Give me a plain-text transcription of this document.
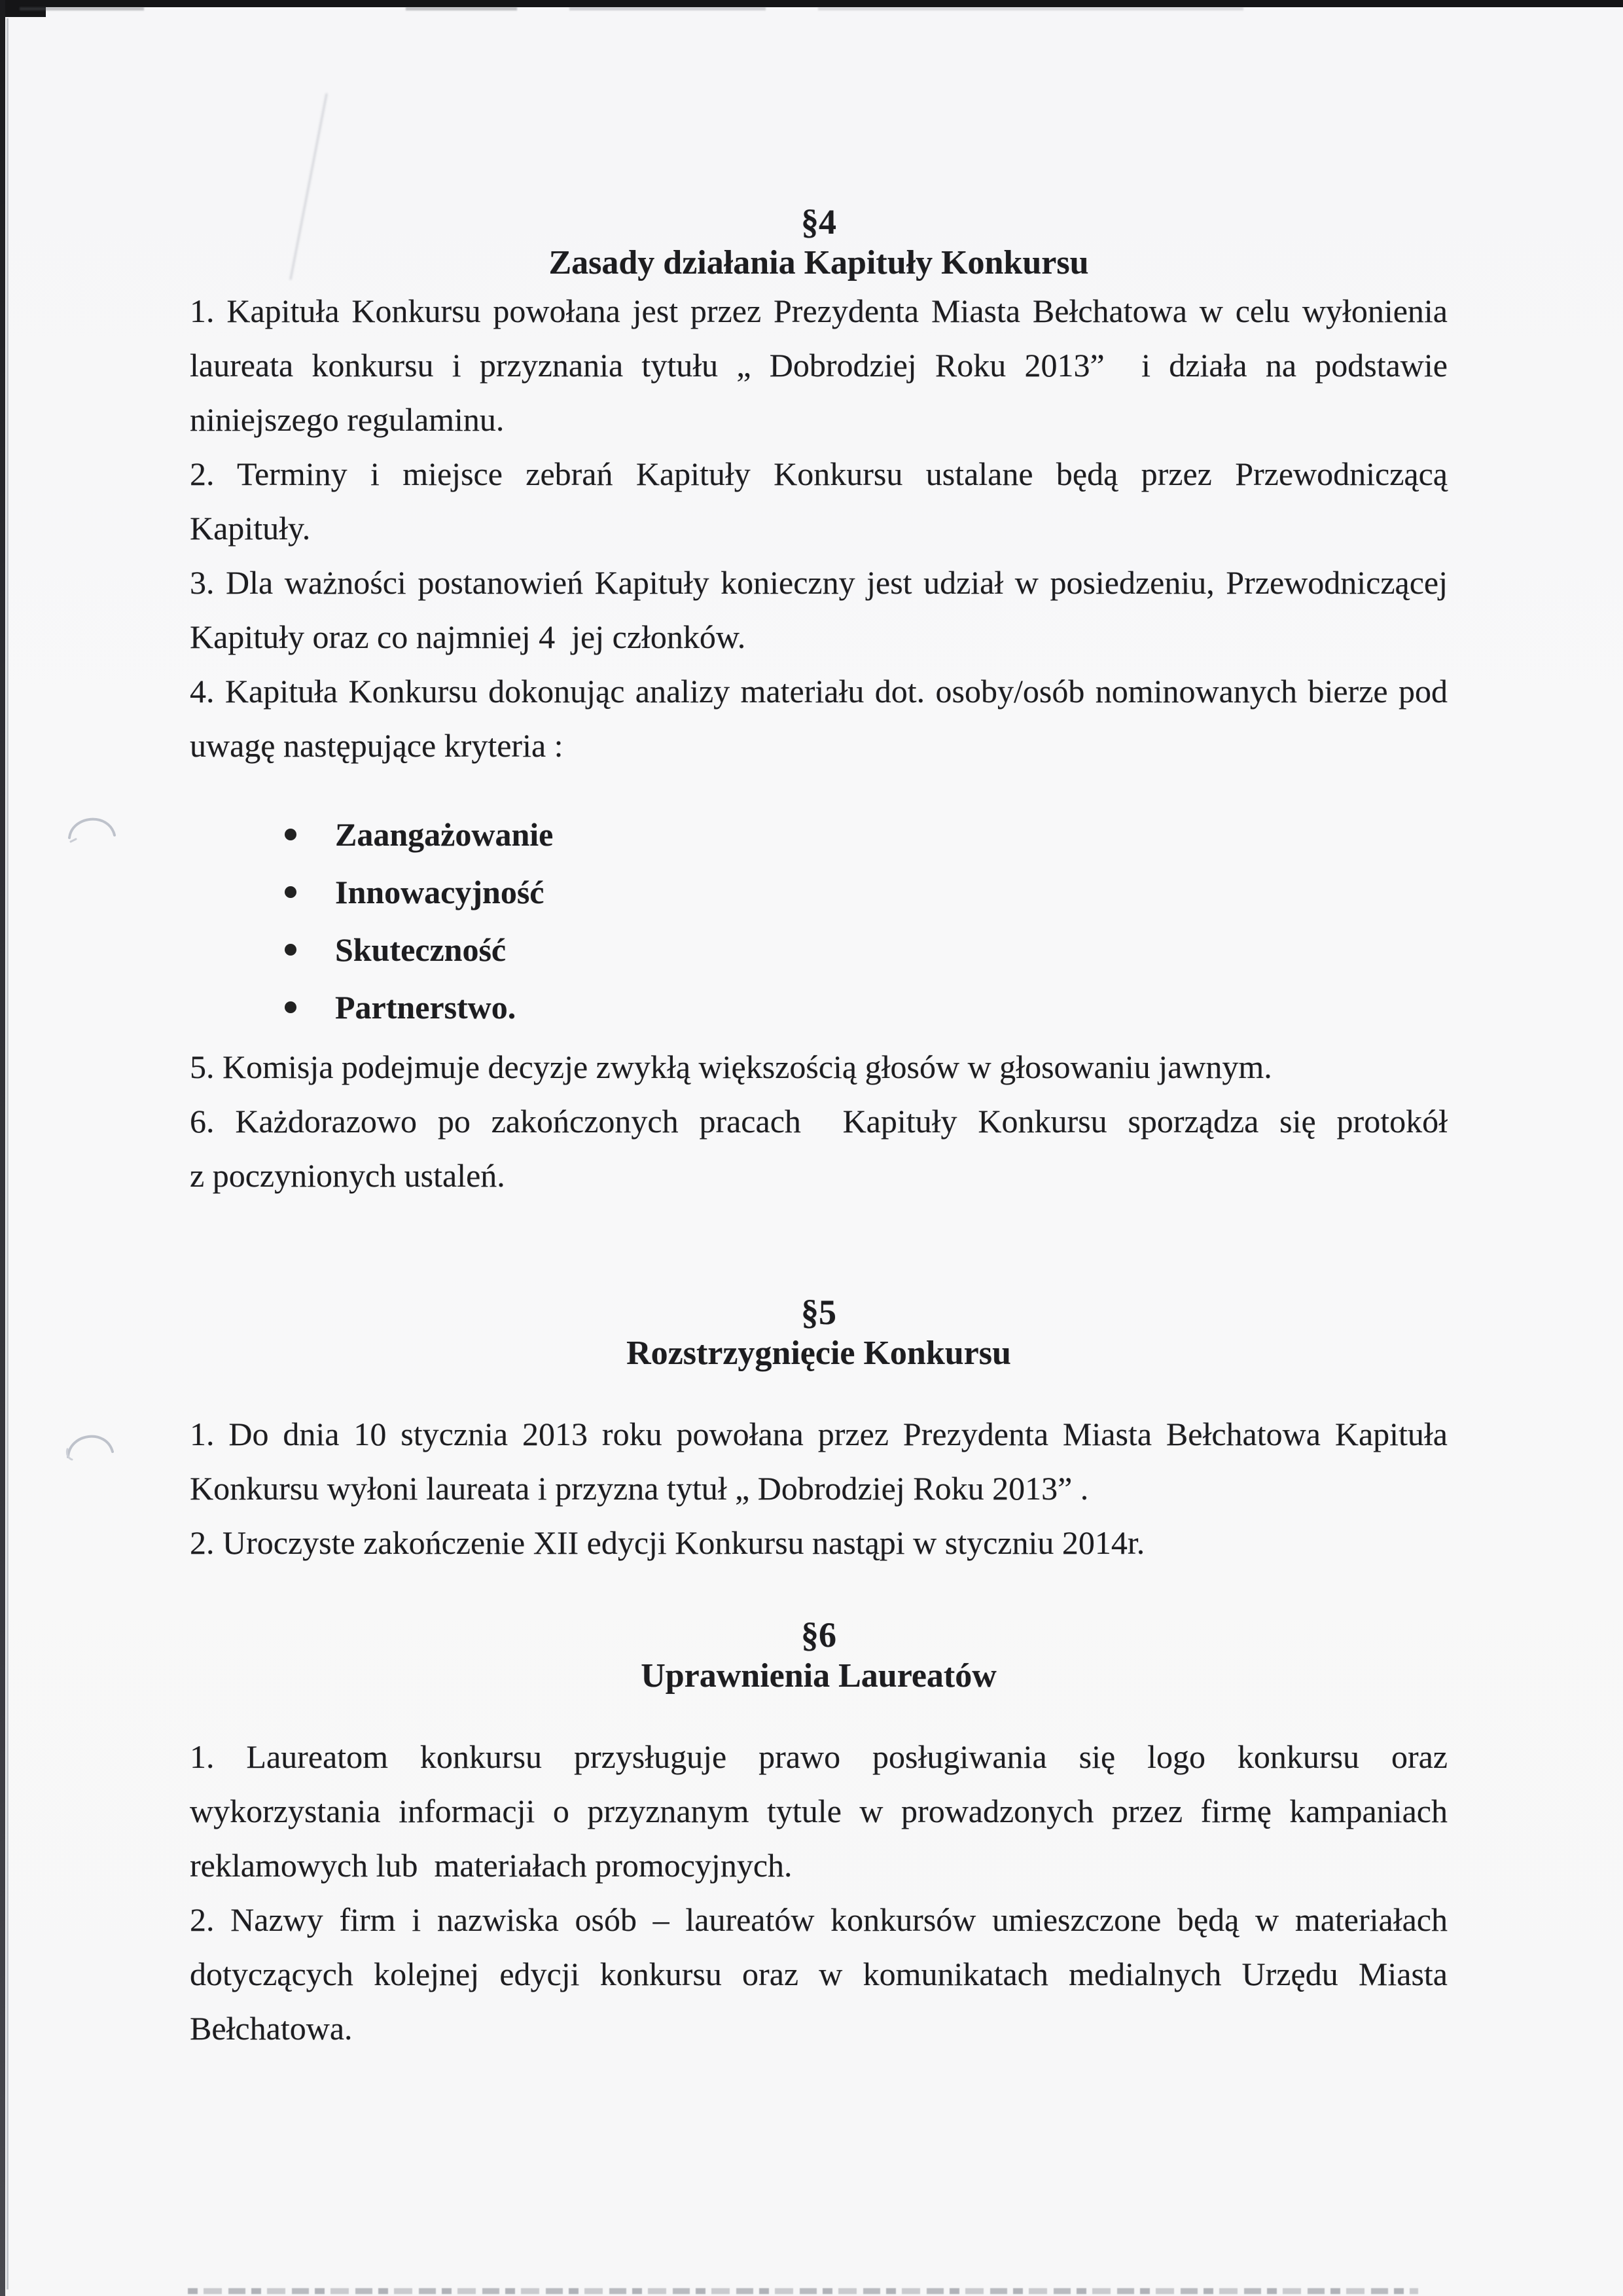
§4
Zasady działania Kapituły Konkursu
1. Kapituła Konkursu powołana jest przez Prezydenta Miasta Bełchatowa w celu wyłonienia
laureata konkursu i przyznania tytułu „ Dobrodziej Roku 2013”  i działa na podstawie
niniejszego regulaminu.
2. Terminy i miejsce zebrań Kapituły Konkursu ustalane będą przez Przewodniczącą
Kapituły.
3. Dla ważności postanowień Kapituły konieczny jest udział w posiedzeniu, Przewodniczącej
Kapituły oraz co najmniej 4  jej członków.
4. Kapituła Konkursu dokonując analizy materiału dot. osoby/osób nominowanych bierze pod
uwagę następujące kryteria :
Zaangażowanie
Innowacyjność
Skuteczność
Partnerstwo.
5. Komisja podejmuje decyzje zwykłą większością głosów w głosowaniu jawnym.
6. Każdorazowo po zakończonych pracach  Kapituły Konkursu sporządza się protokół
z poczynionych ustaleń.
§5
Rozstrzygnięcie Konkursu
1. Do dnia 10 stycznia 2013 roku powołana przez Prezydenta Miasta Bełchatowa Kapituła
Konkursu wyłoni laureata i przyzna tytuł „ Dobrodziej Roku 2013” .
2. Uroczyste zakończenie XII edycji Konkursu nastąpi w styczniu 2014r.
§6
Uprawnienia Laureatów
1. Laureatom konkursu przysługuje prawo posługiwania się logo konkursu oraz
wykorzystania informacji o przyznanym tytule w prowadzonych przez firmę kampaniach
reklamowych lub  materiałach promocyjnych.
2. Nazwy firm i nazwiska osób – laureatów konkursów umieszczone będą w materiałach
dotyczących kolejnej edycji konkursu oraz w komunikatach medialnych Urzędu Miasta
Bełchatowa.
